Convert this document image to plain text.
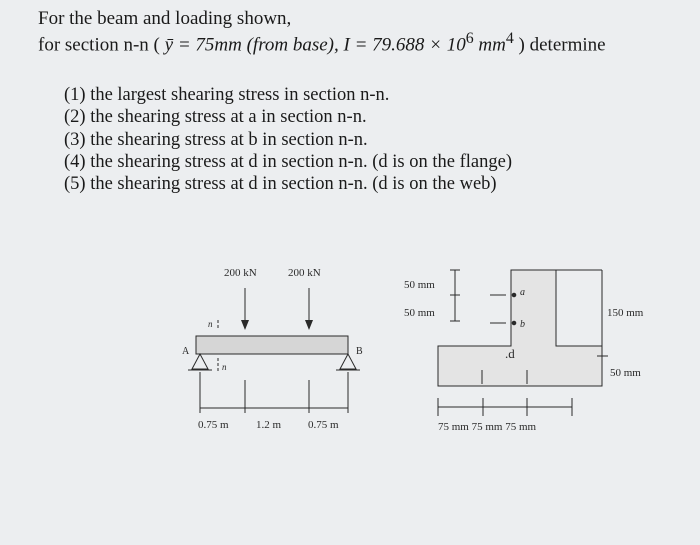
For the beam and loading shown,
for section n-n ( ȳ = 75mm (from base), $I = 79.688 \times 10^6$ $mm^4$ ) determine
(1) the largest shearing stress in section n-n.
(2) the shearing stress at a in section n-n.
(3) the shearing stress at b in section n-n.
(4) the shearing stress at d in section n-n. (d is on the flange)
(5) the shearing stress at d in section n-n. (d is on the web)
200 kN	200 kN
n
A	B
n
0.75 m 1.2 m 0.75 m
50 mm
50 mm
a
b
.d
150 mm
50 mm
75 mm 75 mm 75 mm
